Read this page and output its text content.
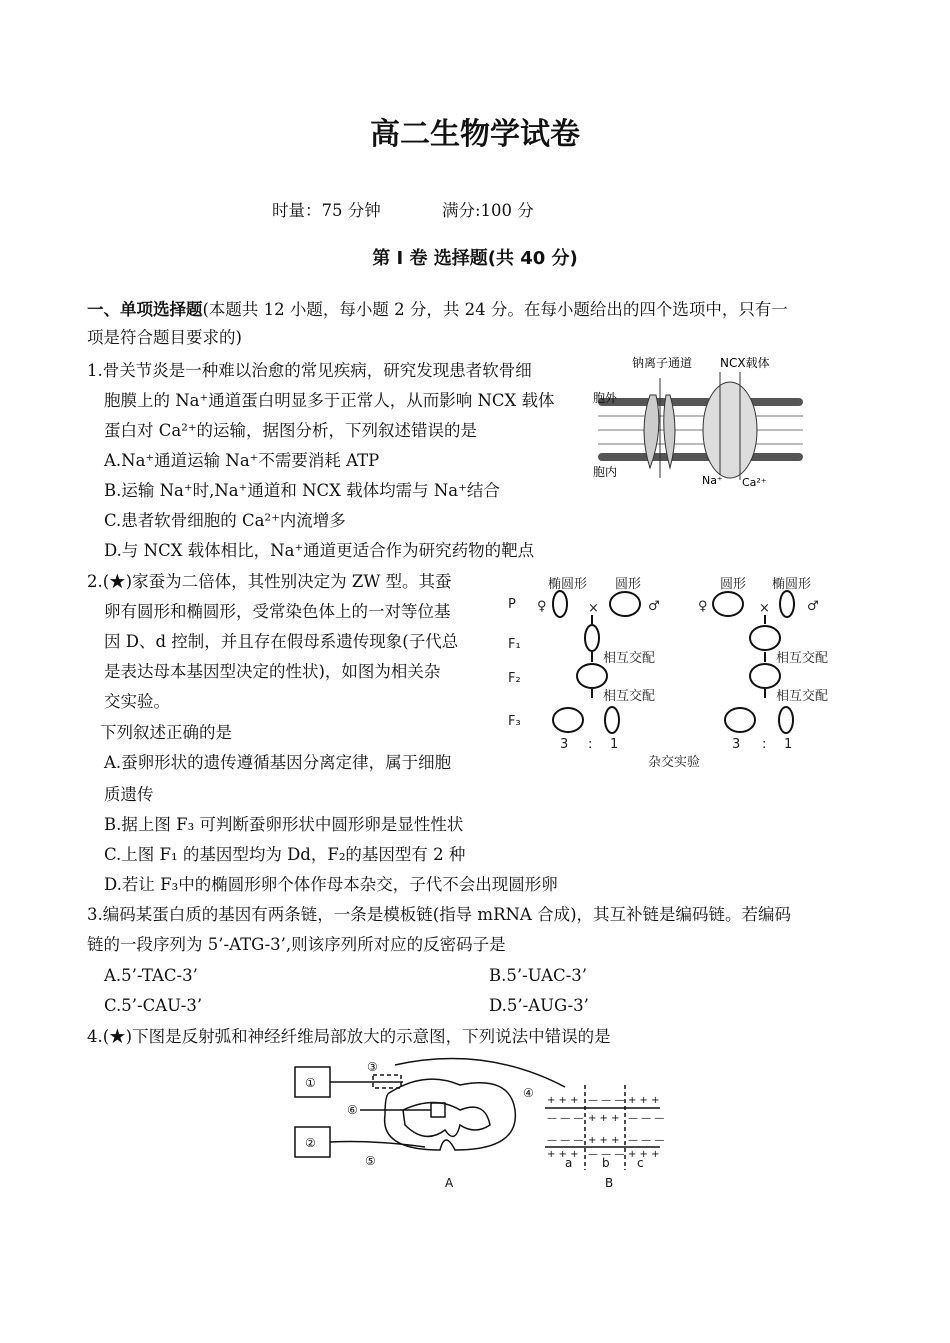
高二生物学试卷
时量：75 分钟	满分:100 分
第 Ⅰ 卷 选择题(共 40 分)
一、单项选择题(本题共 12 小题，每小题 2 分，共 24 分。在每小题给出的四个选项中，只有一
项是符合题目要求的)
1.骨关节炎是一种难以治愈的常见疾病，研究发现患者软骨细
胞膜上的 Na⁺通道蛋白明显多于正常人，从而影响 NCX 载体
蛋白对 Ca²⁺的运输，据图分析，下列叙述错误的是
A.Na⁺通道运输 Na⁺不需要消耗 ATP
B.运输 Na⁺时,Na⁺通道和 NCX 载体均需与 Na⁺结合
C.患者软骨细胞的 Ca²⁺内流增多
D.与 NCX 载体相比，Na⁺通道更适合作为研究药物的靶点
钠离子通道 NCX载体
胞外
胞内
Na⁺ Ca²⁺
2.(★)家蚕为二倍体，其性别决定为 ZW 型。其蚕
卵有圆形和椭圆形，受常染色体上的一对等位基
因 D、d 控制，并且存在假母系遗传现象(子代总
是表达母本基因型决定的性状)，如图为相关杂
交实验。
下列叙述正确的是
A.蚕卵形状的遗传遵循基因分离定律，属于细胞
质遗传
B.据上图 F₃ 可判断蚕卵形状中圆形卵是显性性状
C.上图 F₁ 的基因型均为 Dd，F₂的基因型有 2 种
D.若让 F₃中的椭圆形卵个体作母本杂交，子代不会出现圆形卵
椭圆形 圆形	圆形 椭圆形
P
F₁
F₂
F₃
♀	♂	♀	♂
×	×
相互交配
相互交配
相互交配
相互交配
3 : 1	3 : 1
杂交实验
3.编码某蛋白质的基因有两条链，一条是模板链(指导 mRNA 合成)，其互补链是编码链。若编码
链的一段序列为 5’-ATG-3’,则该序列所对应的反密码子是
A.5’-TAC-3’	B.5’-UAC-3’
C.5’-CAU-3’	D.5’-AUG-3’
4.(★)下图是反射弧和神经纤维局部放大的示意图，下列说法中错误的是
①
②
③
④
⑤
⑥
A	B
a b c
+ + + — — — + + +
— — — + + + — — —
— — — + + + — — —
+ + + — — — + + +
